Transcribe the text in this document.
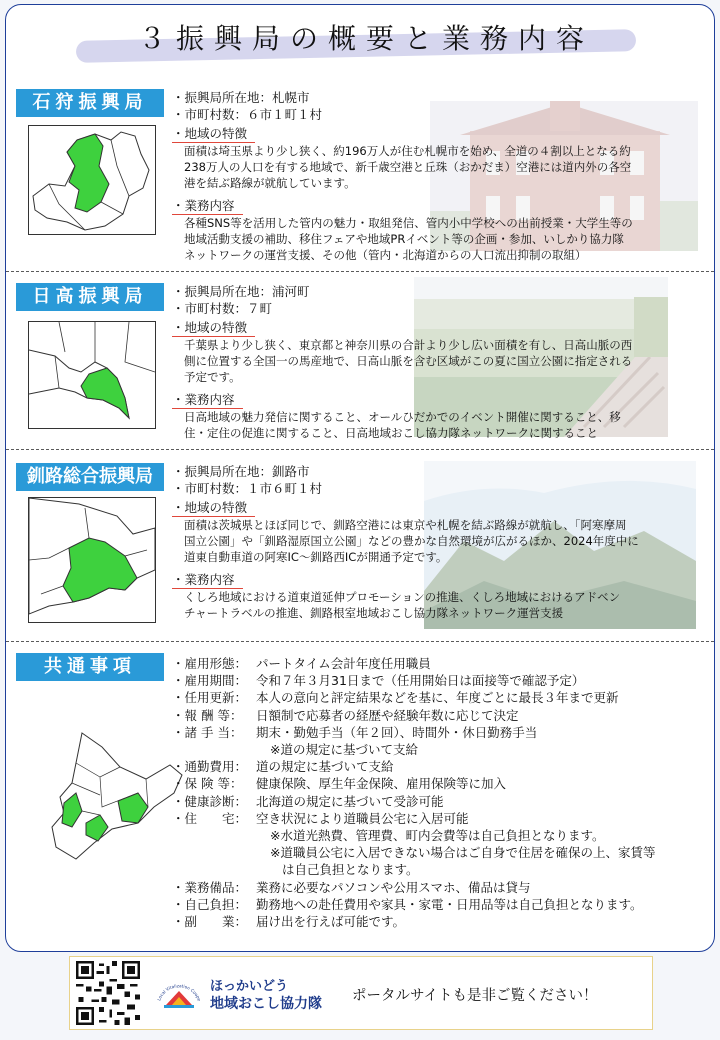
３振興局の概要と業務内容
石狩振興局	・振興局所在地：札幌市
・市町村数：６市１町１村
・地域の特徴
面積は埼玉県より少し狭く、約196万人が住む札幌市を始め、全道の４割以上となる約
238万人の人口を有する地域で、新千歳空港と丘珠（おかだま）空港には道内外の各空
港を結ぶ路線が就航しています。
・業務内容
各種SNS等を活用した管内の魅力・取組発信、管内小中学校への出前授業・大学生等の
地域活動支援の補助、移住フェアや地域PRイベント等の企画・参加、いしかり協力隊
ネットワークの運営支援、その他（管内・北海道からの人口流出抑制の取組）
日高振興局	・振興局所在地：浦河町
・市町村数：７町
・地域の特徴
千葉県より少し狭く、東京都と神奈川県の合計より少し広い面積を有し、日高山脈の西
側に位置する全国一の馬産地で、日高山脈を含む区域がこの夏に国立公園に指定される
予定です。
・業務内容
日高地域の魅力発信に関すること、オールひだかでのイベント開催に関すること、移
住・定住の促進に関すること、日高地域おこし協力隊ネットワークに関すること
釧路総合振興局	・振興局所在地：釧路市
・市町村数：１市６町１村
・地域の特徴
面積は茨城県とほぼ同じで、釧路空港には東京や札幌を結ぶ路線が就航し、「阿寒摩周
国立公園」や「釧路湿原国立公園」などの豊かな自然環境が広がるほか、2024年度中に
道東自動車道の阿寒IC～釧路西ICが開通予定です。
・業務内容
くしろ地域における道東道延伸プロモーションの推進、くしろ地域におけるアドベン
チャートラベルの推進、釧路根室地域おこし協力隊ネットワーク運営支援
共通事項	・雇用形態： パートタイム会計年度任用職員
・雇用期間： 令和７年３月31日まで（任用開始日は面接等で確認予定）
・任用更新： 本人の意向と評定結果などを基に、年度ごとに最長３年まで更新
・報 酬 等：	日額制で応募者の経歴や経験年数に応じて決定
・諸 手 当：	期末・勤勉手当（年２回）、時間外・休日勤務手当
※道の規定に基づいて支給
・通勤費用： 道の規定に基づいて支給
・保 険 等：	健康保険、厚生年金保険、雇用保険等に加入
・健康診断： 北海道の規定に基づいて受診可能
・住　　宅： 空き状況により道職員公宅に入居可能
※水道光熱費、管理費、町内会費等は自己負担となります。
※道職員公宅に入居できない場合はご自身で住居を確保の上、家賃等
は自己負担となります。
・業務備品： 業務に必要なパソコンや公用スマホ、備品は貸与
・自己負担： 勤務地への赴任費用や家具・家電・日用品等は自己負担となります。
・副　　業： 届け出を行えば可能です。
Local Vitalization Coope
ほっかいどう
地域おこし協力隊 ポータルサイトも是非ご覧ください！
